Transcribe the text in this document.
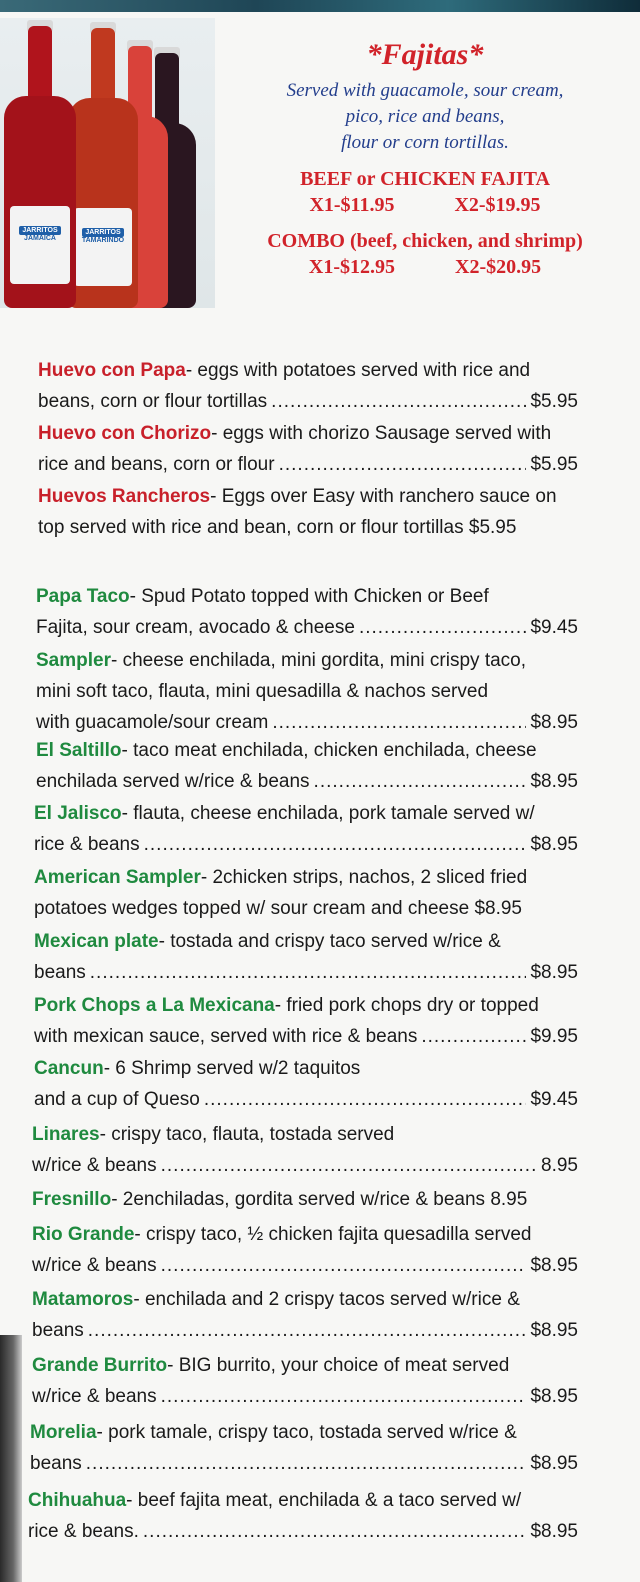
JARRITOS
TAMARINDO
JARRITOS
JAMAICA
*Fajitas*
Served with guacamole, sour cream,
pico, rice and beans,
flour or corn tortillas.
BEEF or CHICKEN FAJITA
X1-$11.95	X2-$19.95
COMBO (beef, chicken, and shrimp)
X1-$12.95	X2-$20.95
Huevo con Papa- eggs with potatoes served with rice and
beans, corn or flour tortillas .....	$5.95
Huevo con Chorizo- eggs with chorizo Sausage served with
rice and beans, corn or flour .....	$5.95
Huevos Rancheros- Eggs over Easy with ranchero sauce on
top served with rice and bean, corn or flour tortillas $5.95
Papa Taco- Spud Potato topped with Chicken or Beef
Fajita, sour cream, avocado & cheese .....	$9.45
Sampler- cheese enchilada, mini gordita, mini crispy taco,
mini soft taco, flauta, mini quesadilla & nachos served
with guacamole/sour cream .....	$8.95
El Saltillo- taco meat enchilada, chicken enchilada, cheese
enchilada served w/rice & beans .....	$8.95
El Jalisco- flauta, cheese enchilada, pork tamale served w/
rice & beans .....	$8.95
American Sampler- 2chicken strips, nachos, 2 sliced fried
potatoes wedges topped w/ sour cream and cheese $8.95
Mexican plate- tostada and crispy taco served w/rice &
beans .....	$8.95
Pork Chops a La Mexicana- fried pork chops dry or topped
with mexican sauce, served with rice & beans .....	$9.95
Cancun- 6 Shrimp served w/2 taquitos
and a cup of Queso .....	$9.45
Linares- crispy taco, flauta, tostada served
w/rice & beans .....	8.95
Fresnillo- 2enchiladas, gordita served w/rice & beans 8.95
Rio Grande- crispy taco, ½ chicken fajita quesadilla served
w/rice & beans .....	$8.95
Matamoros- enchilada and 2 crispy tacos served w/rice &
beans .....	$8.95
Grande Burrito- BIG burrito, your choice of meat served
w/rice & beans .....	$8.95
Morelia- pork tamale, crispy taco, tostada served w/rice &
beans .....	$8.95
Chihuahua- beef fajita meat, enchilada & a taco served w/
rice & beans. .....	$8.95
